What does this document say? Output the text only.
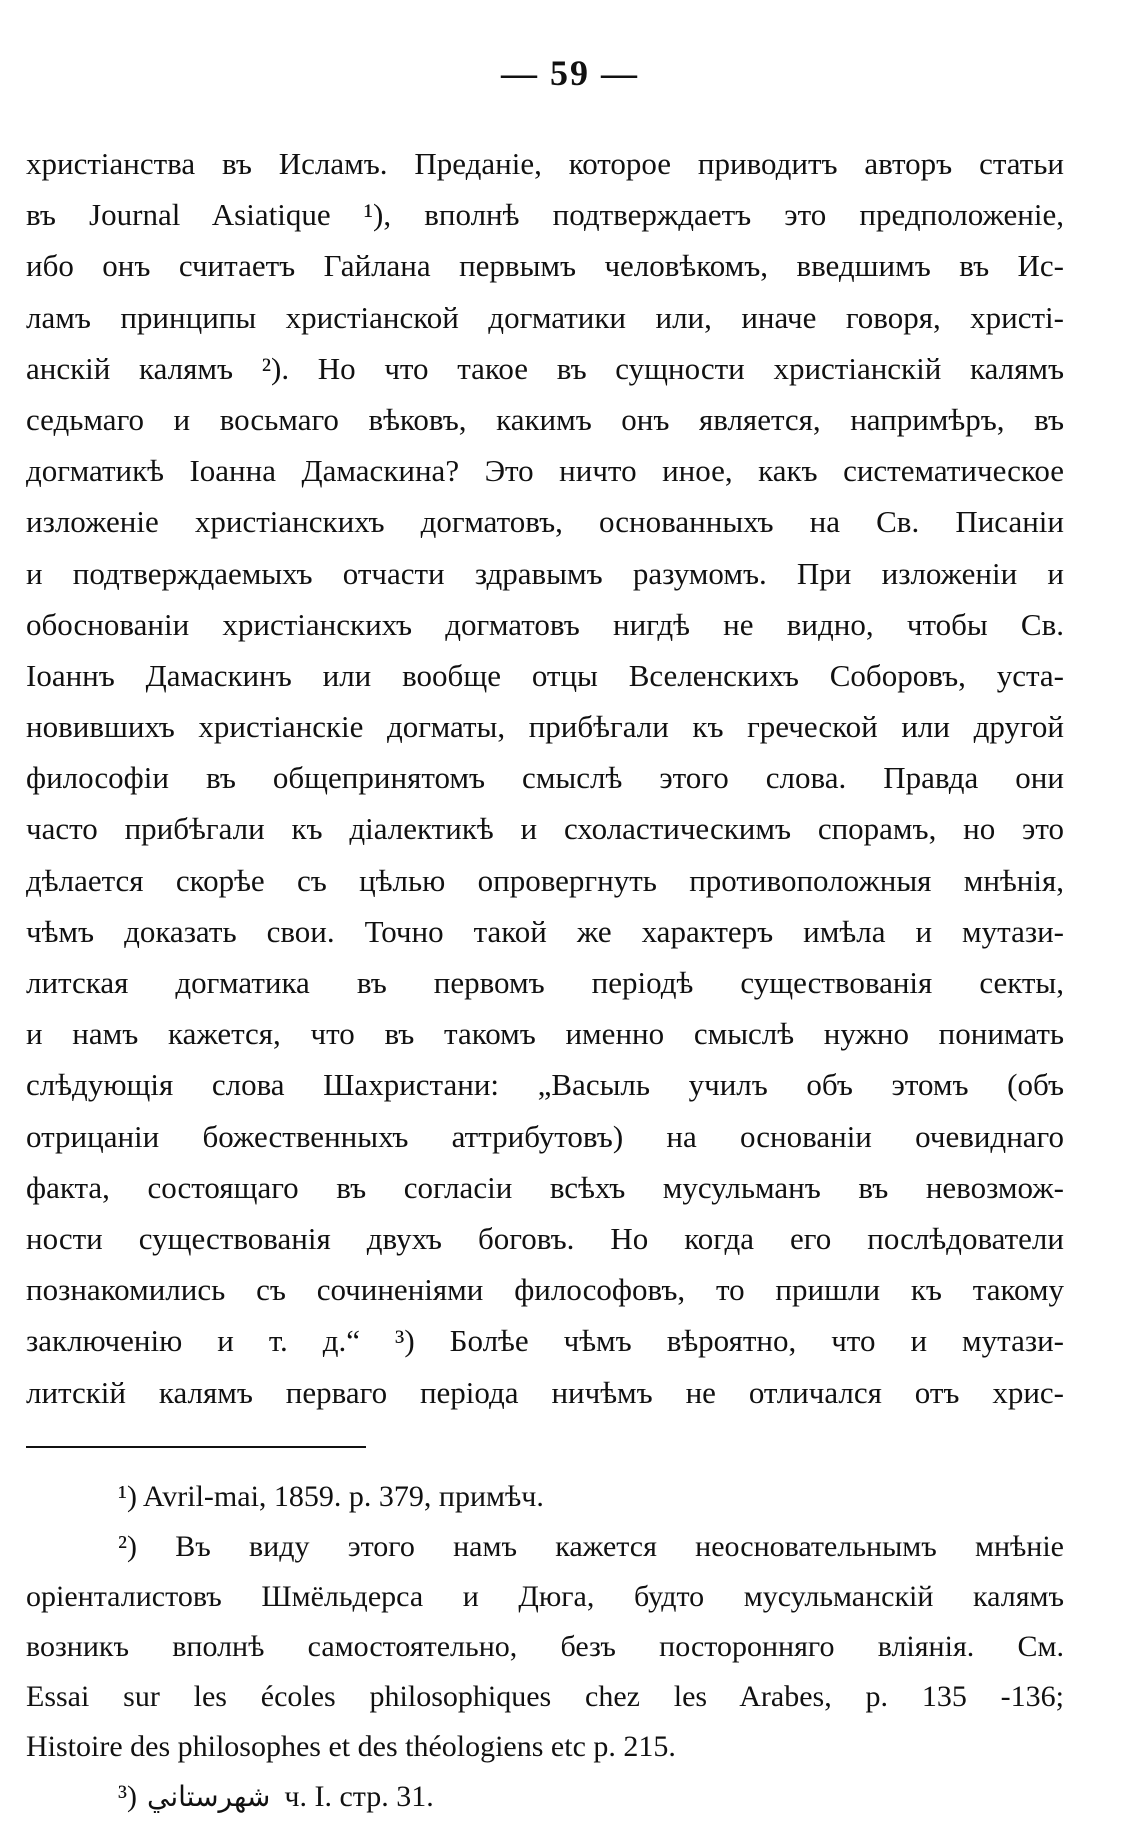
— 59 —
христіанства въ Исламъ. Преданіе, которое приводитъ авторъ статьи
въ Journal Asiatique ¹), вполнѣ подтверждаетъ это предположеніе,
ибо онъ считаетъ Гайлана первымъ человѣкомъ, введшимъ въ Ис-
ламъ принципы христіанской догматики или, иначе говоря, христі-
анскій калямъ ²). Но что такое въ сущности христіанскій калямъ
седьмаго и восьмаго вѣковъ, какимъ онъ является, напримѣръ, въ
догматикѣ Іоанна Дамаскина? Это ничто иное, какъ систематическое
изложеніе христіанскихъ догматовъ, основанныхъ на Св. Писаніи
и подтверждаемыхъ отчасти здравымъ разумомъ. При изложеніи и
обоснованіи христіанскихъ догматовъ нигдѣ не видно, чтобы Св.
Іоаннъ Дамаскинъ или вообще отцы Вселенскихъ Соборовъ, уста-
новившихъ христіанскіе догматы, прибѣгали къ греческой или другой
философіи въ общепринятомъ смыслѣ этого слова. Правда они
часто прибѣгали къ діалектикѣ и схоластическимъ спорамъ, но это
дѣлается скорѣе съ цѣлью опровергнуть противоположныя мнѣнія,
чѣмъ доказать свои. Точно такой же характеръ имѣла и мутази-
литская догматика въ первомъ періодѣ существованія секты,
и намъ кажется, что въ такомъ именно смыслѣ нужно понимать
слѣдующія слова Шахристани: „Васыль училъ объ этомъ (объ
отрицаніи божественныхъ аттрибутовъ) на основаніи очевиднаго
факта, состоящаго въ согласіи всѣхъ мусульманъ въ невозмож-
ности существованія двухъ боговъ. Но когда его послѣдователи
познакомились съ сочиненіями философовъ, то пришли къ такому
заключенію и т. д.“ ³) Болѣе чѣмъ вѣроятно, что и мутази-
литскій калямъ перваго періода ничѣмъ не отличался отъ хрис-
¹) Avril-mai, 1859. p. 379, примѣч.
²) Въ виду этого намъ кажется неосновательнымъ мнѣніе
оріенталистовъ Шмёльдерса и Дюга, будто мусульманскій калямъ
возникъ вполнѣ самостоятельно, безъ посторонняго вліянія. См.
Essai sur les écoles philosophiques chez les Arabes, p. 135 -136;
Histoire des philosophes et des théologiens etc p. 215.
³) شهرستاني ч. I. стр. 31.
